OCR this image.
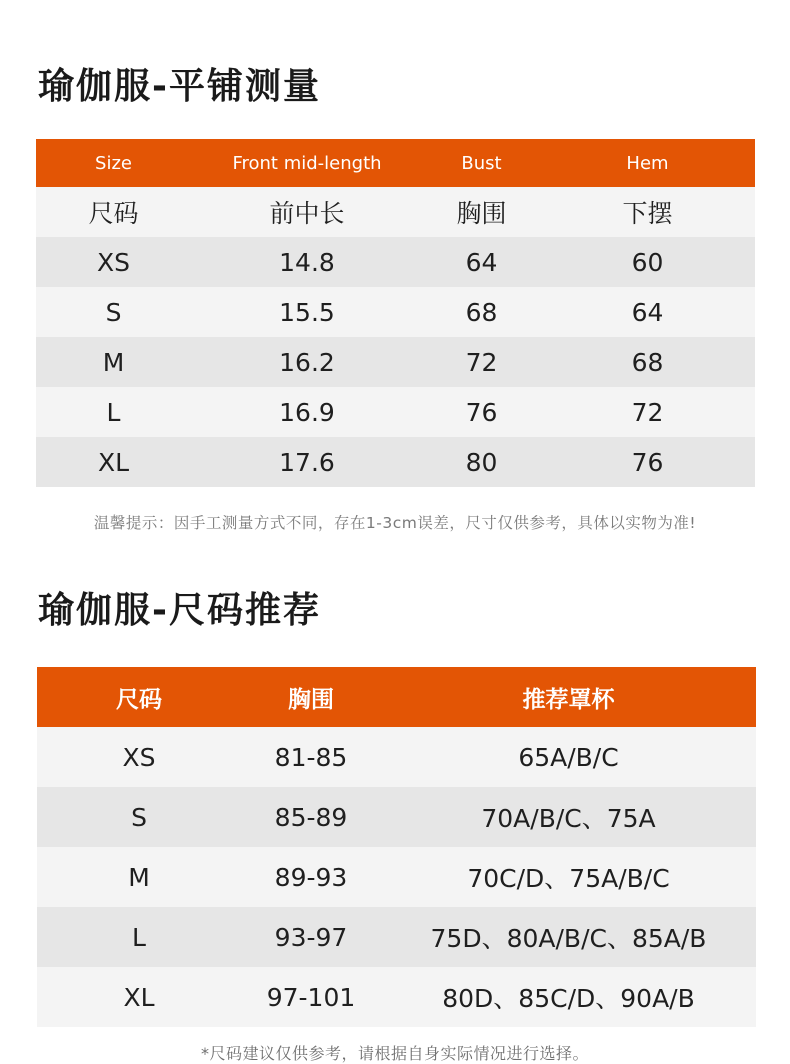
瑜伽服-平铺测量
Size	Front mid-length	Bust	Hem
尺码	前中长	胸围	下摆
XS	14.8	64	60
S	15.5	68	64
M	16.2	72	68
L	16.9	76	72
XL	17.6	80	76
温馨提示：因手工测量方式不同，存在1-3cm误差，尺寸仅供参考，具体以实物为准!
瑜伽服-尺码推荐
尺码	胸围	推荐罩杯
XS	81-85	65A/B/C
S	85-89	70A/B/C、75A
M	89-93	70C/D、75A/B/C
L	93-97	75D、80A/B/C、85A/B
XL	97-101	80D、85C/D、90A/B
*尺码建议仅供参考，请根据自身实际情况进行选择。
